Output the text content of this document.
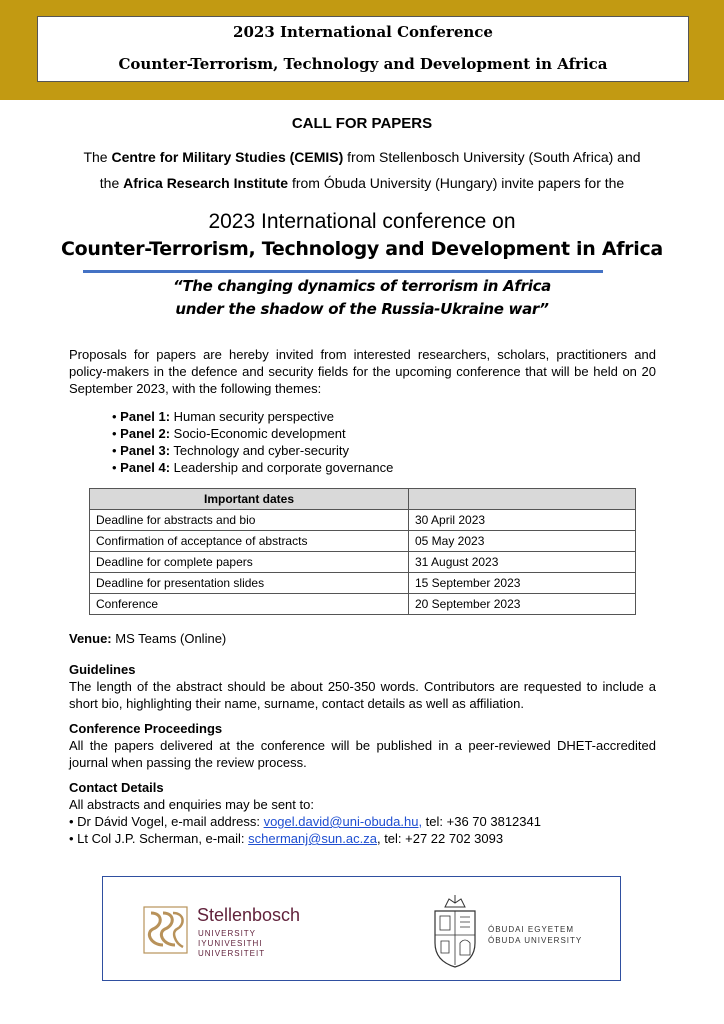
2023 International Conference
Counter-Terrorism, Technology and Development in Africa
CALL FOR PAPERS
The Centre for Military Studies (CEMIS) from Stellenbosch University (South Africa) and
the Africa Research Institute from Óbuda University (Hungary) invite papers for the
2023 International conference on
Counter-Terrorism, Technology and Development in Africa
“The changing dynamics of terrorism in Africa
under the shadow of the Russia-Ukraine war”
Proposals for papers are hereby invited from interested researchers, scholars, practitioners and policy-makers in the defence and security fields for the upcoming conference that will be held on 20 September 2023, with the following themes:
• Panel 1: Human security perspective
• Panel 2: Socio-Economic development
• Panel 3: Technology and cyber-security
• Panel 4: Leadership and corporate governance
Important dates	
Deadline for abstracts and bio	30 April 2023
Confirmation of acceptance of abstracts	05 May 2023
Deadline for complete papers	31 August 2023
Deadline for presentation slides	15 September 2023
Conference	20 September 2023
Venue: MS Teams (Online)
Guidelines
The length of the abstract should be about 250-350 words. Contributors are requested to include a short bio, highlighting their name, surname, contact details as well as affiliation.
Conference Proceedings
All the papers delivered at the conference will be published in a peer-reviewed DHET-accredited journal when passing the review process.
Contact Details
All abstracts and enquiries may be sent to:
• Dr Dávid Vogel, e-mail address: vogel.david@uni-obuda.hu, tel: +36 70 3812341
• Lt Col J.P. Scherman, e-mail: schermanj@sun.ac.za, tel: +27 22 702 3093
Stellenbosch
UNIVERSITY
IYUNIVESITHI
UNIVERSITEIT
ÓBUDAI EGYETEM
ÓBUDA UNIVERSITY
